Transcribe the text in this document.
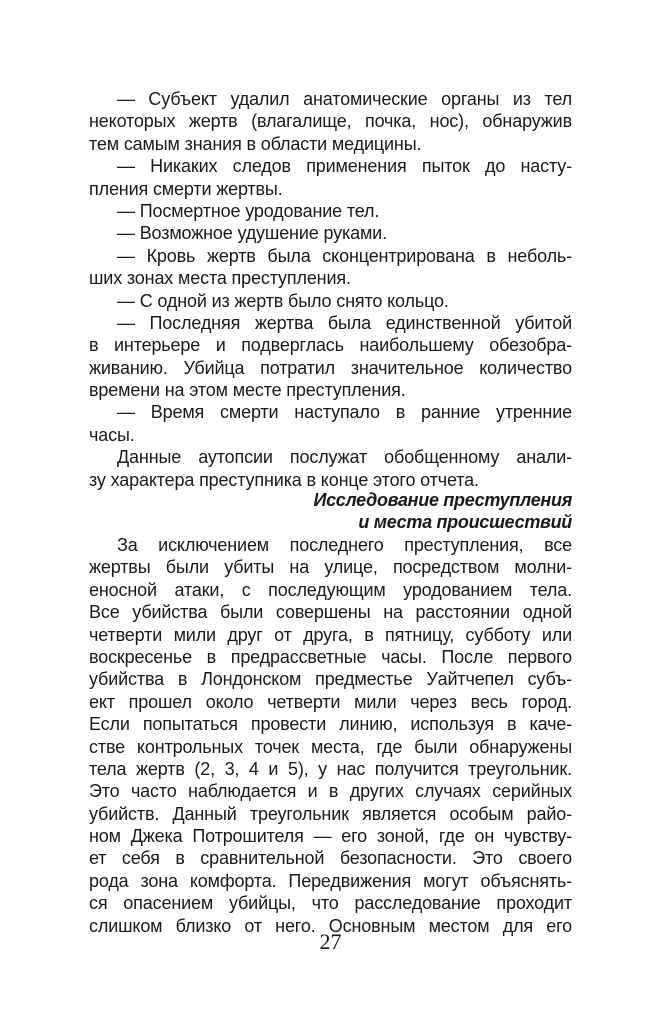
— Субъект удалил анатомические органы из тел
некоторых жертв (влагалище, почка, нос), обнаружив
тем самым знания в области медицины.
— Никаких следов применения пыток до насту-
пления смерти жертвы.
— Посмертное уродование тел.
— Возможное удушение руками.
— Кровь жертв была сконцентрирована в неболь-
ших зонах места преступления.
— С одной из жертв было снято кольцо.
— Последняя жертва была единственной убитой
в интерьере и подверглась наибольшему обезобра-
живанию. Убийца потратил значительное количество
времени на этом месте преступления.
— Время смерти наступало в ранние утренние
часы.
Данные аутопсии послужат обобщенному анали-
зу характера преступника в конце этого отчета.
Исследование преступления
и места происшествий
За исключением последнего преступления, все
жертвы были убиты на улице, посредством молни-
еносной атаки, с последующим уродованием тела.
Все убийства были совершены на расстоянии одной
четверти мили друг от друга, в пятницу, субботу или
воскресенье в предрассветные часы. После первого
убийства в Лондонском предместье Уайтчепел субъ-
ект прошел около четверти мили через весь город.
Если попытаться провести линию, используя в каче-
стве контрольных точек места, где были обнаружены
тела жертв (2, 3, 4 и 5), у нас получится треугольник.
Это часто наблюдается и в других случаях серийных
убийств. Данный треугольник является особым райо-
ном Джека Потрошителя — его зоной, где он чувству-
ет себя в сравнительной безопасности. Это своего
рода зона комфорта. Передвижения могут объяснять-
ся опасением убийцы, что расследование проходит
слишком близко от него. Основным местом для его
27
